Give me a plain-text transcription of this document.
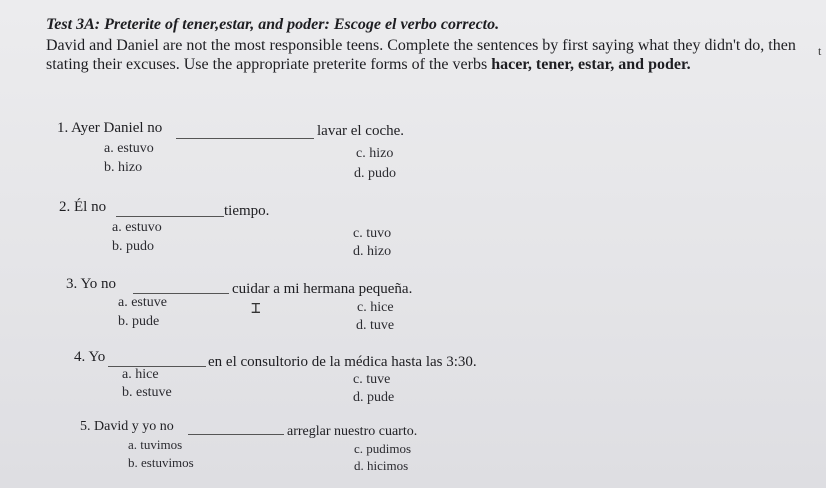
Test 3A: Preterite of tener,estar, and poder: Escoge el verbo correcto.
t
David and Daniel are not the most responsible teens. Complete the sentences by first saying what they didn't do, then stating their excuses. Use the appropriate preterite forms of the verbs hacer, tener, estar, and poder.
1. Ayer Daniel no	lavar el coche.
a. estuvo
b. hizo
c. hizo
d. pudo
2. Él no	tiempo.
a. estuvo
b. pudo
c. tuvo
d. hizo
3. Yo no	cuidar a mi hermana pequeña.
a. estuve
b. pude
c. hice
d. tuve
⌶
4. Yo	en el consultorio de la médica hasta las 3:30.
a. hice
b. estuve
c. tuve
d. pude
5. David y yo no	arreglar nuestro cuarto.
a. tuvimos
b. estuvimos
c. pudimos
d. hicimos
